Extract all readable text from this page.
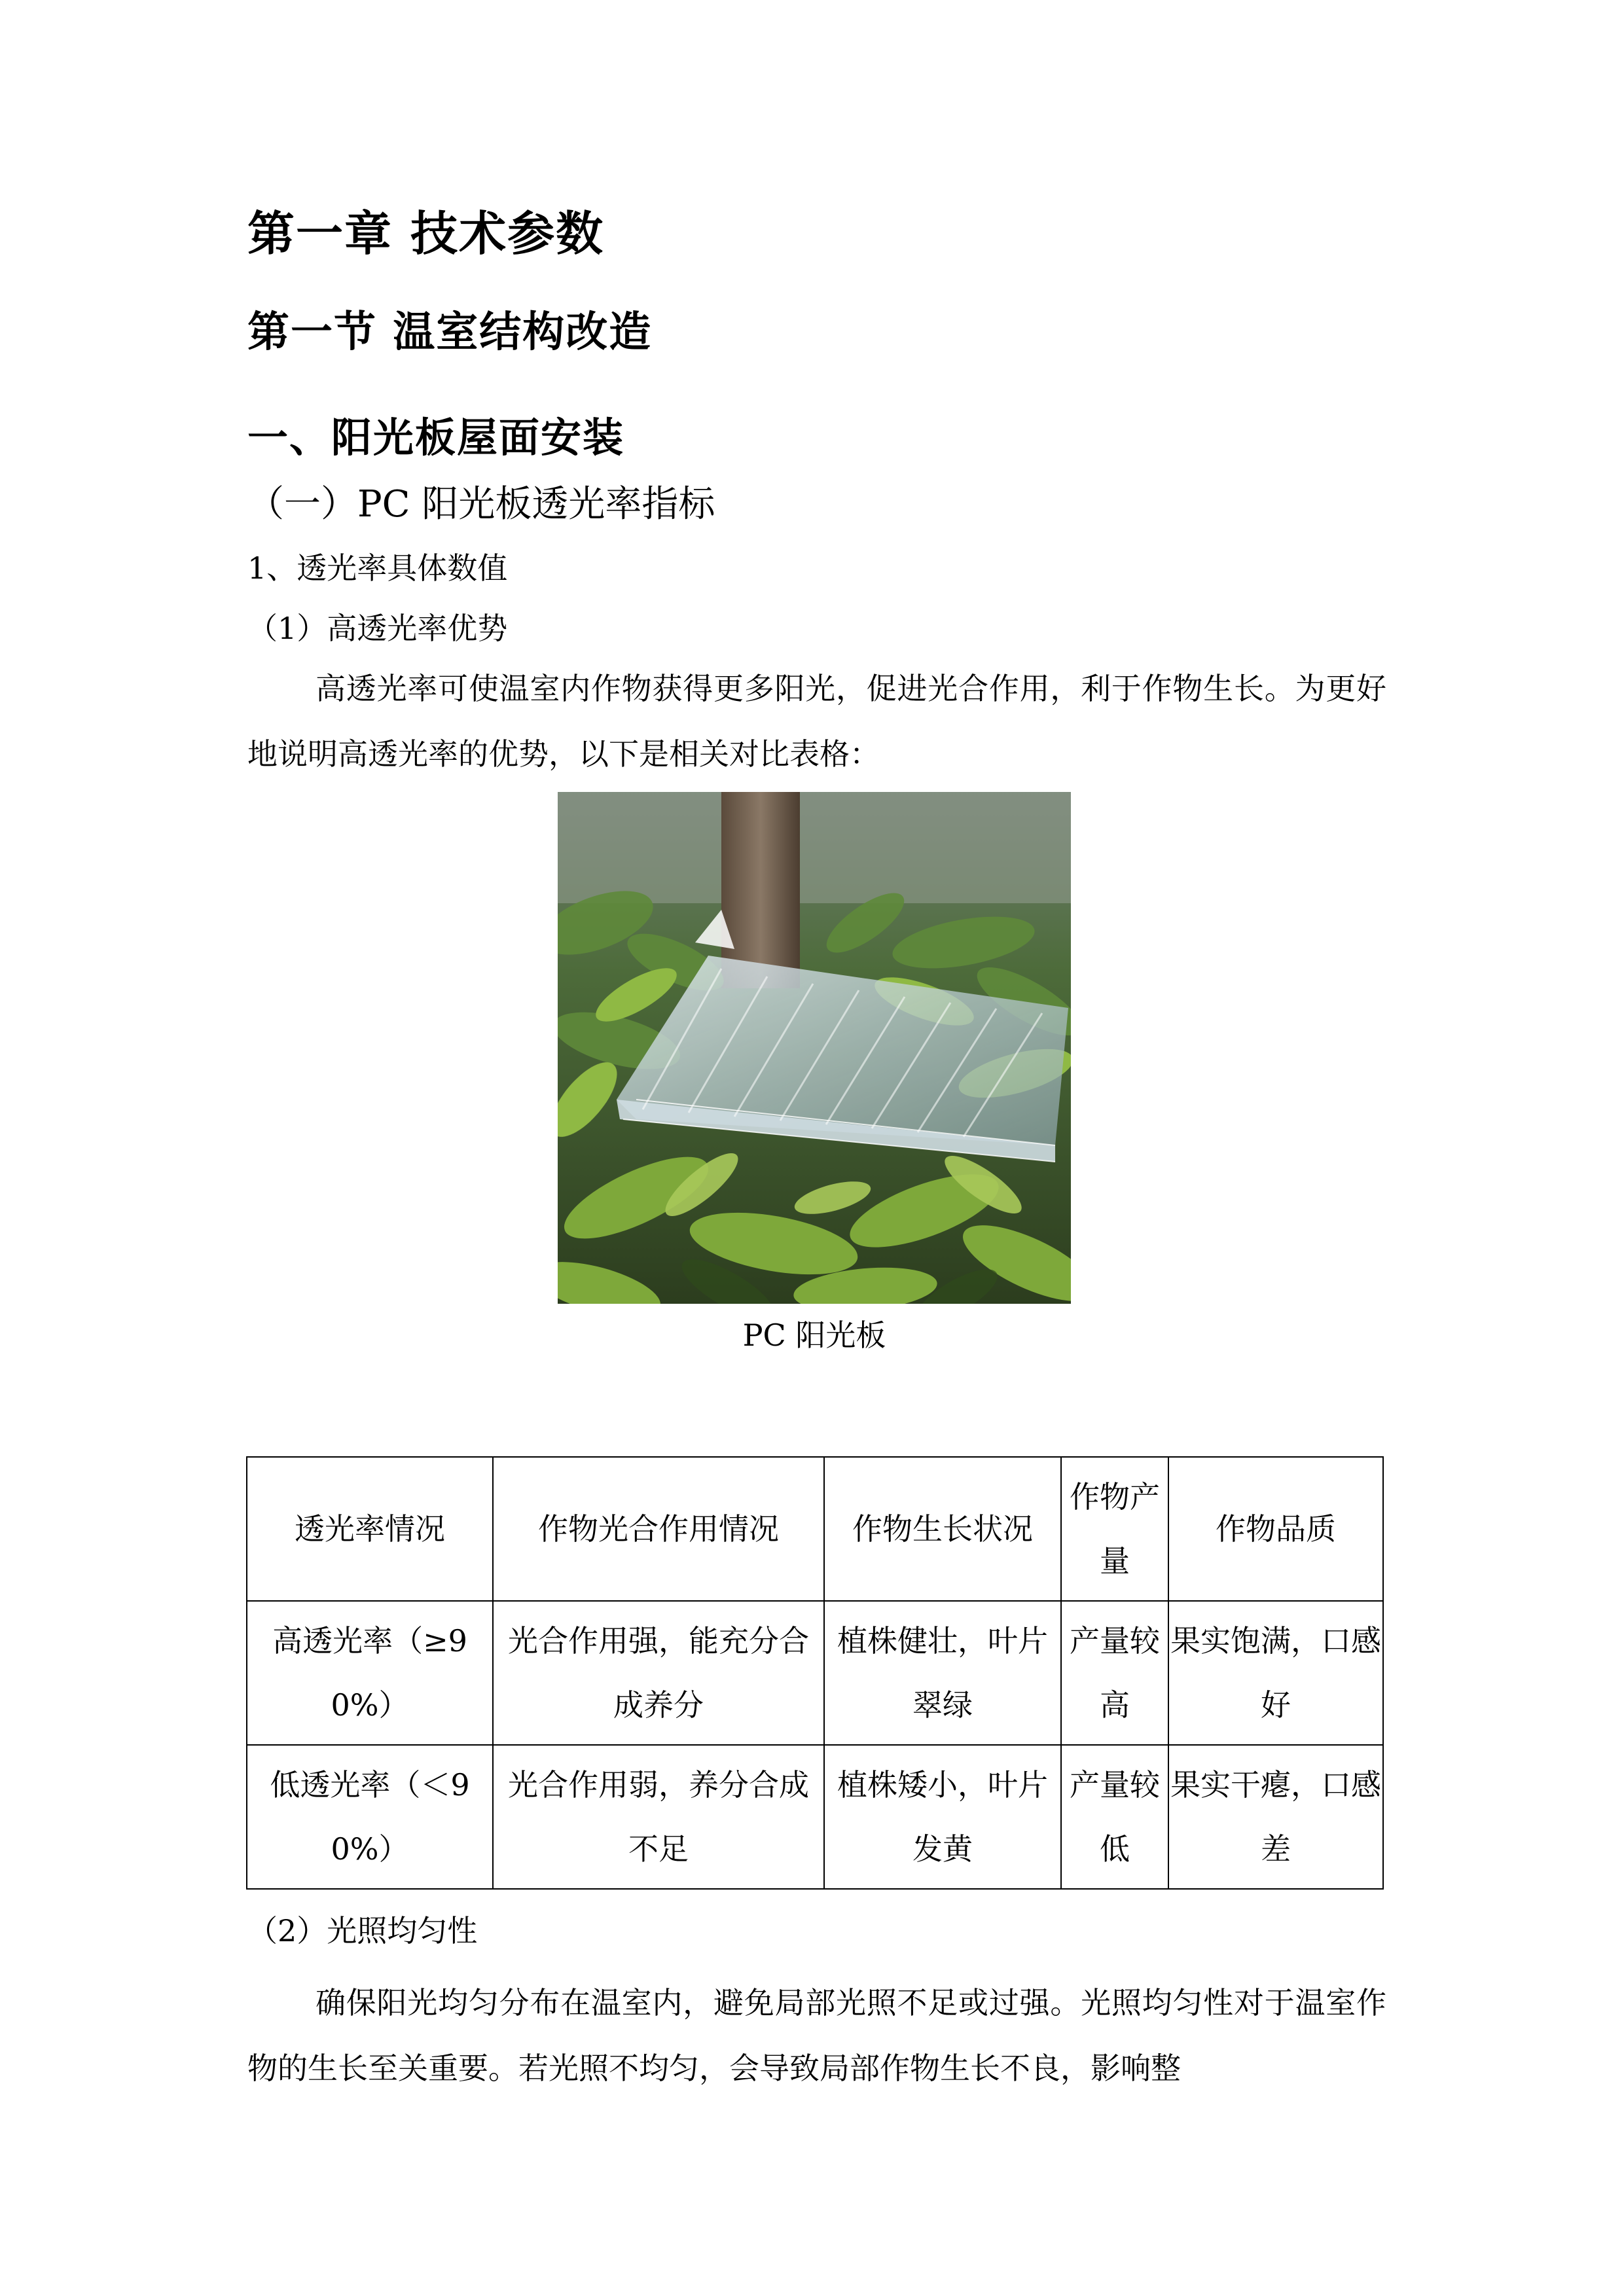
第一章 技术参数
第一节 温室结构改造
一、阳光板屋面安装
（一）PC 阳光板透光率指标
1、透光率具体数值
（1）高透光率优势

高透光率可使温室内作物获得更多阳光，促进光合作用，利于作物生长。为更好地说明高透光率的优势，以下是相关对比表格：

PC 阳光板
透光率情况	作物光合作用情况	作物生长状况	作物产量	作物品质
高透光率（≥90%）	光合作用强，能充分合成养分	植株健壮，叶片翠绿	产量较高	果实饱满，口感好
低透光率（＜90%）	光合作用弱，养分合成不足	植株矮小，叶片发黄	产量较低	果实干瘪，口感差
（2）光照均匀性

确保阳光均匀分布在温室内，避免局部光照不足或过强。光照均匀性对于温室作物的生长至关重要。若光照不均匀，会导致局部作物生长不良，影响整
